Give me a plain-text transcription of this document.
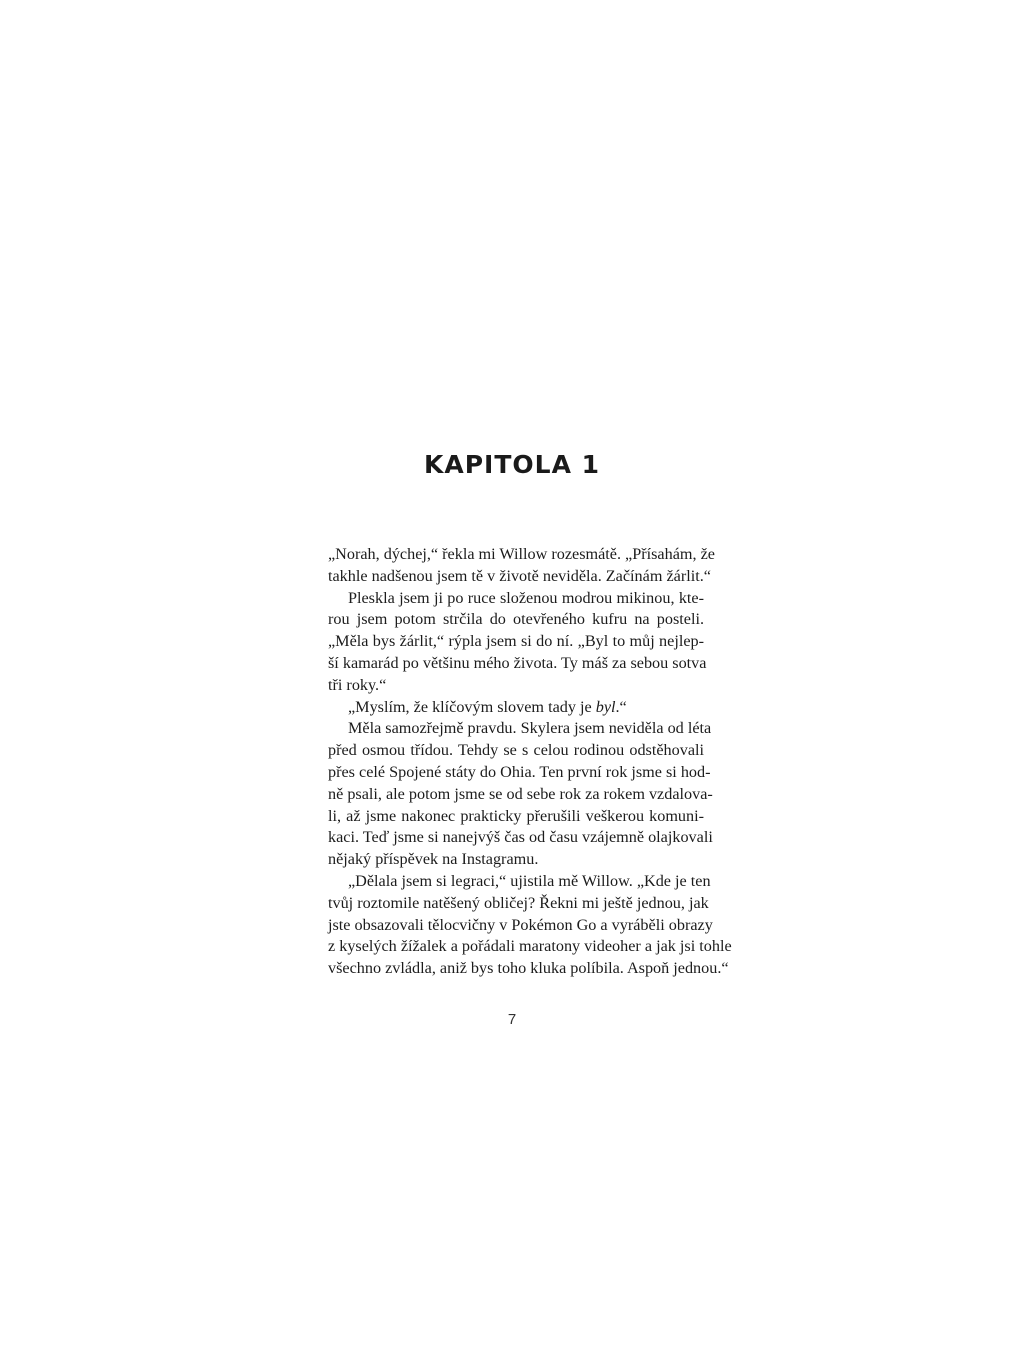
KAPITOLA 1
„Norah, dýchej,“ řekla mi Willow rozesmátě. „Přísahám, že
takhle nadšenou jsem tě v životě neviděla. Začínám žárlit.“
Pleskla jsem ji po ruce složenou modrou mikinou, kte-
rou jsem potom strčila do otevřeného kufru na posteli.
„Měla bys žárlit,“ rýpla jsem si do ní. „Byl to můj nejlep-
ší kamarád po většinu mého života. Ty máš za sebou sotva
tři roky.“
„Myslím, že klíčovým slovem tady je byl.“
Měla samozřejmě pravdu. Skylera jsem neviděla od léta
před osmou třídou. Tehdy se s celou rodinou odstěhovali
přes celé Spojené státy do Ohia. Ten první rok jsme si hod-
ně psali, ale potom jsme se od sebe rok za rokem vzdalova-
li, až jsme nakonec prakticky přerušili veškerou komuni-
kaci. Teď jsme si nanejvýš čas od času vzájemně olajkovali
nějaký příspěvek na Instagramu.
„Dělala jsem si legraci,“ ujistila mě Willow. „Kde je ten
tvůj roztomile natěšený obličej? Řekni mi ještě jednou, jak
jste obsazovali tělocvičny v Pokémon Go a vyráběli obrazy
z kyselých žížalek a pořádali maratony videoher a jak jsi tohle
všechno zvládla, aniž bys toho kluka políbila. Aspoň jednou.“
7
